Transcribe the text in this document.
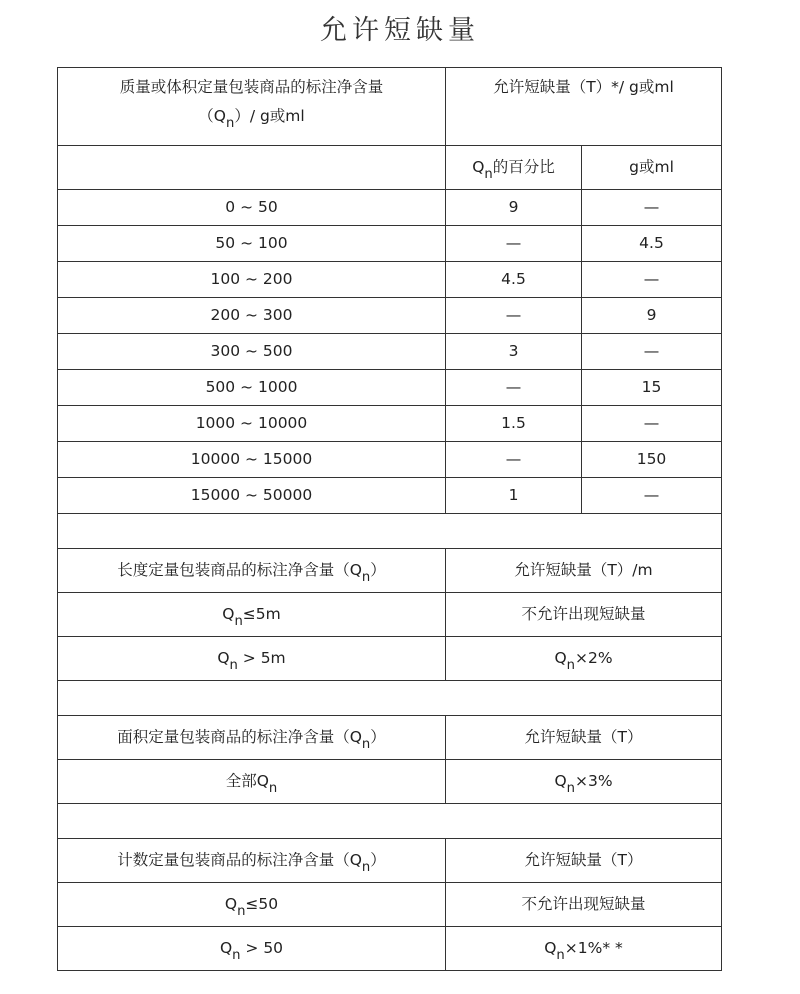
允许短缺量
质量或体积定量包装商品的标注净含量
$(Q_n)/$ g或ml	允许短缺量（T）*/ g或ml	
	$Q_n$的百分比	g或ml
0 ~ 50	9	—
50 ~ 100	—	4.5
100 ~ 200	4.5	—
200 ~ 300	—	9
300 ~ 500	3	—
500 ~ 1000	—	15
1000 ~ 10000	1.5	—
10000 ~ 15000	—	150
15000 ~ 50000	1	—

长度定量包装商品的标注净含量$(Q_n)$	允许短缺量（T）/m	
$Q_n\le 5m$	不允许出现短缺量	
$Q_n > 5m$	$Q_n\times 2\%$	

面积定量包装商品的标注净含量$(Q_n)$	允许短缺量（T）	
全部$Q_n$	$Q_n\times 3\%$	

计数定量包装商品的标注净含量$(Q_n)$	允许短缺量（T）	
$Q_n\le 50$	不允许出现短缺量	
$Q_n > 50$	$Q_n\times 1\%*$ *	
